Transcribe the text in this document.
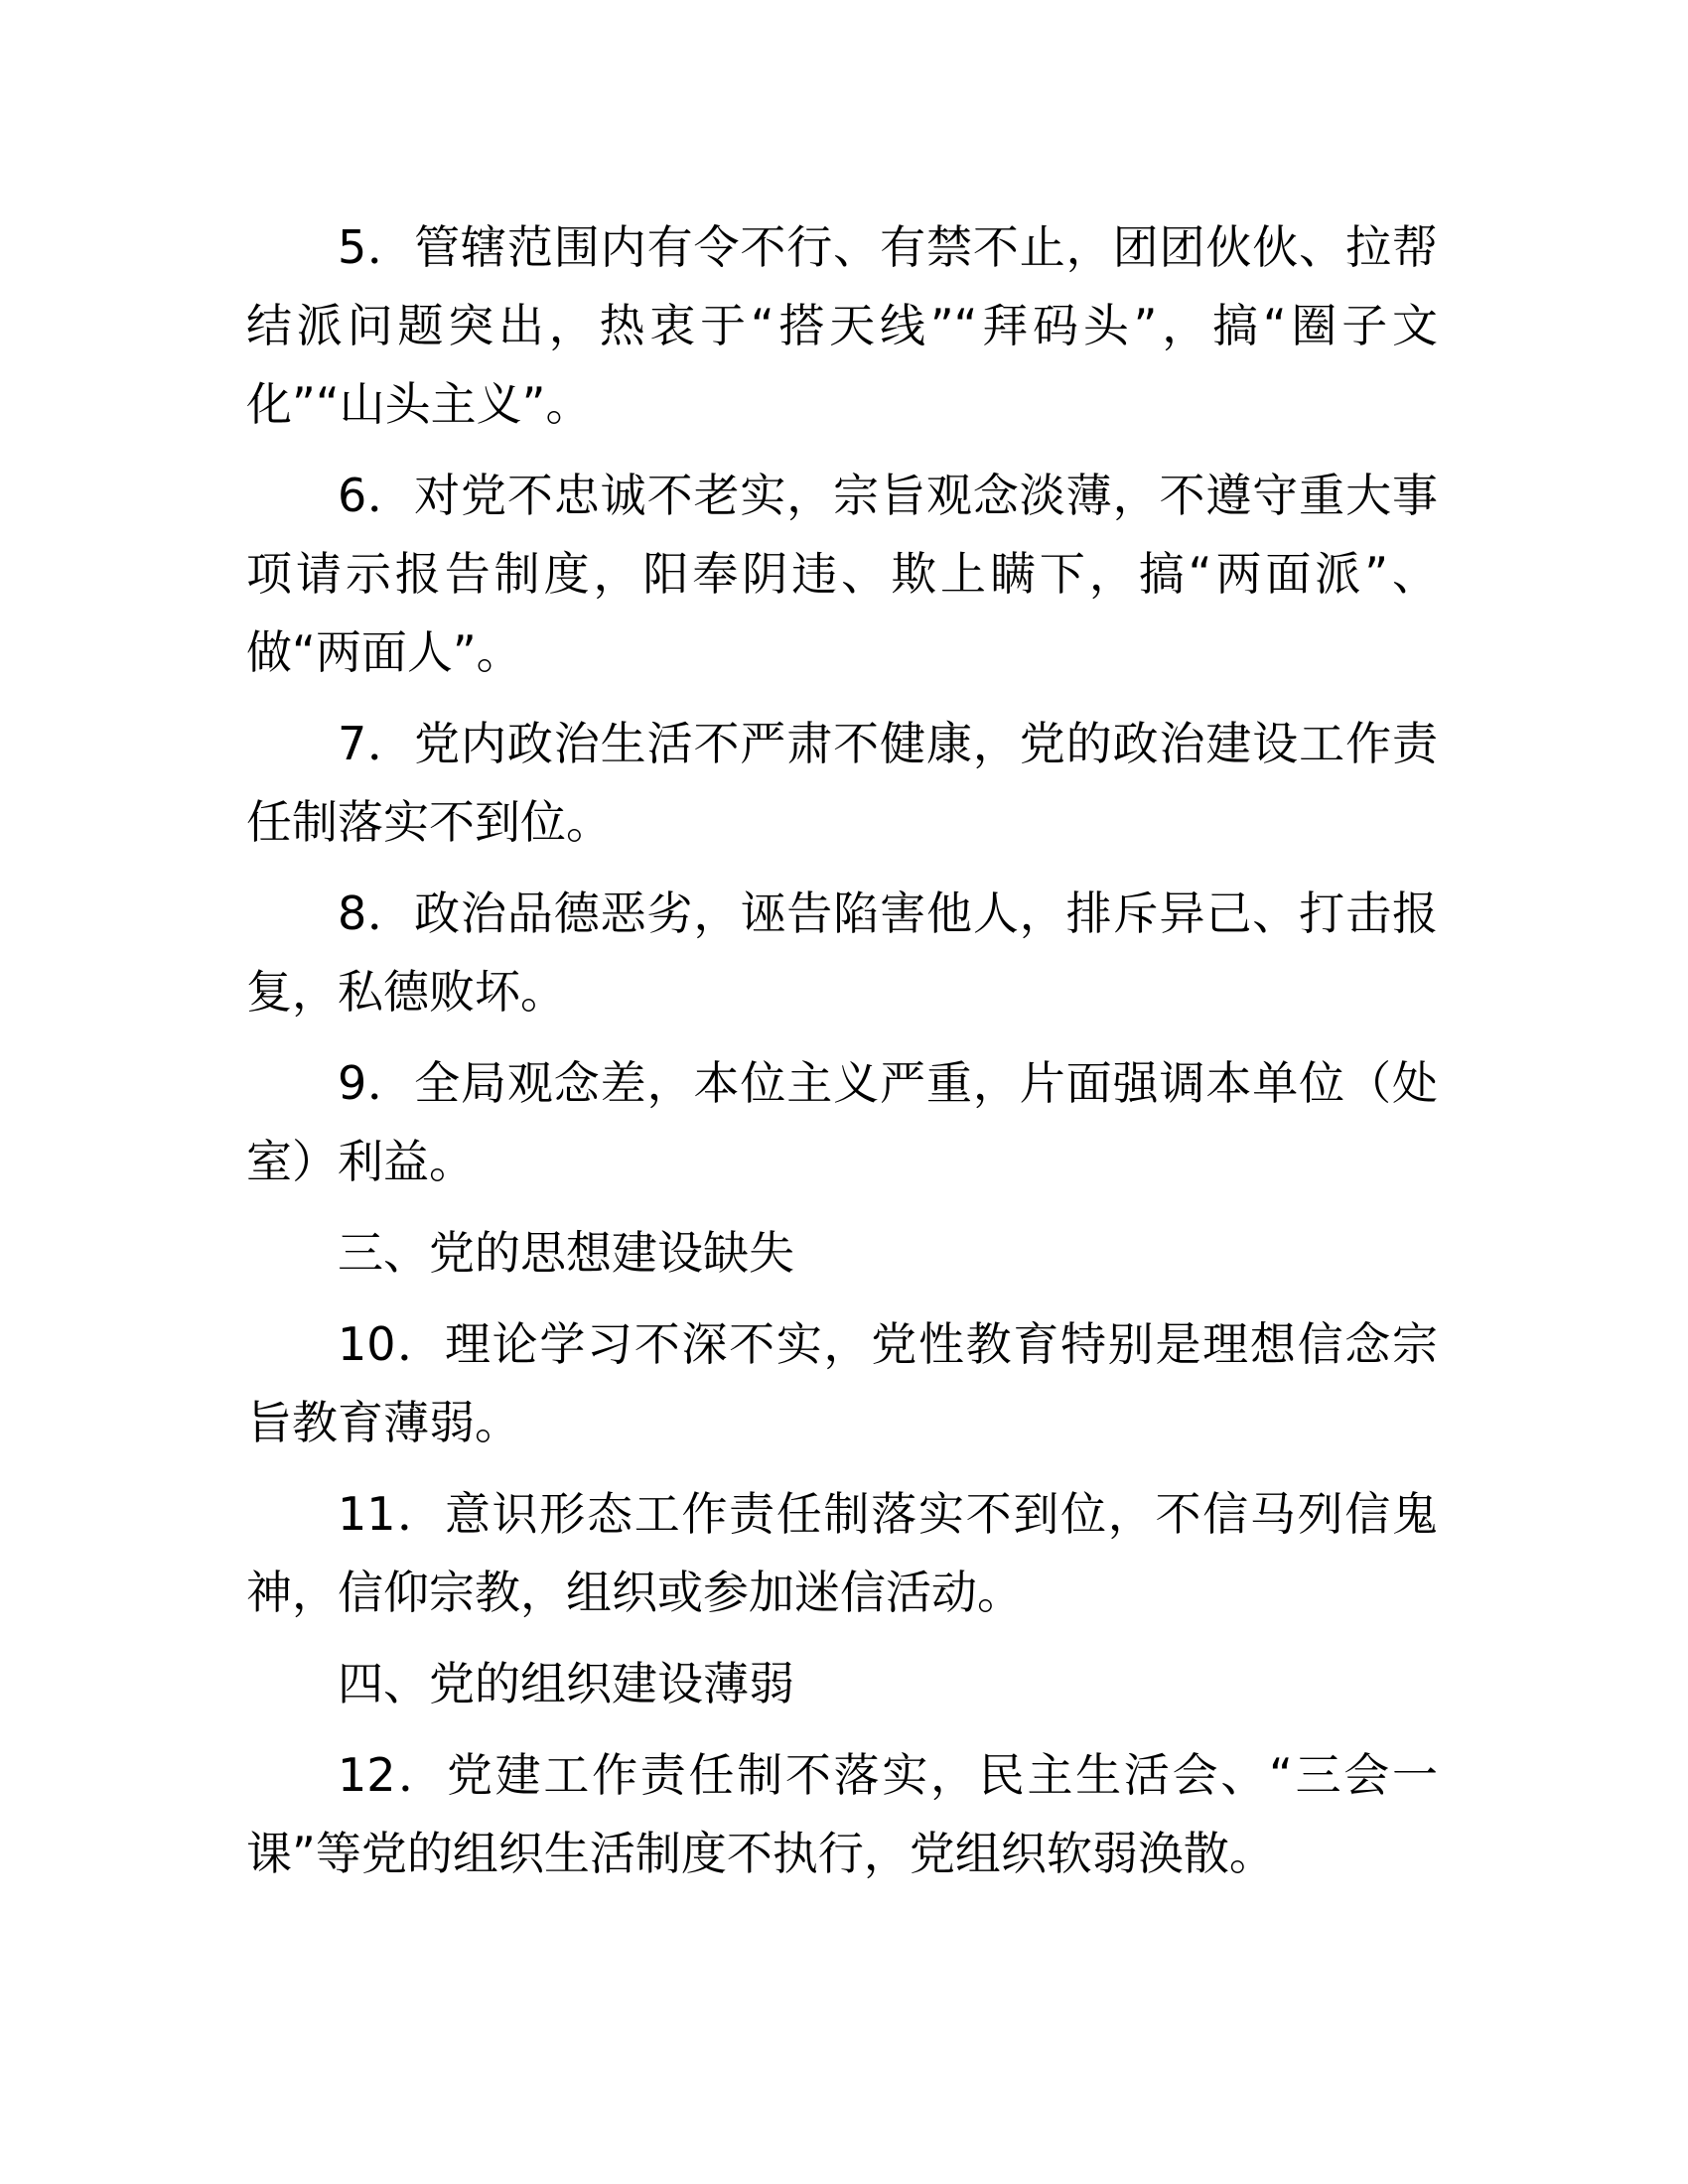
5．管辖范围内有令不行、有禁不止，团团伙伙、拉帮结派问题突出，热衷于“搭天线”“拜码头”，搞“圈子文化”“山头主义”。

6．对党不忠诚不老实，宗旨观念淡薄，不遵守重大事项请示报告制度，阳奉阴违、欺上瞒下，搞“两面派”、做“两面人”。

7．党内政治生活不严肃不健康，党的政治建设工作责任制落实不到位。

8．政治品德恶劣，诬告陷害他人，排斥异己、打击报复，私德败坏。

9．全局观念差，本位主义严重，片面强调本单位（处室）利益。

三、党的思想建设缺失

10．理论学习不深不实，党性教育特别是理想信念宗旨教育薄弱。

11．意识形态工作责任制落实不到位，不信马列信鬼神，信仰宗教，组织或参加迷信活动。

四、党的组织建设薄弱

12．党建工作责任制不落实，民主生活会、“三会一课”等党的组织生活制度不执行，党组织软弱涣散。
